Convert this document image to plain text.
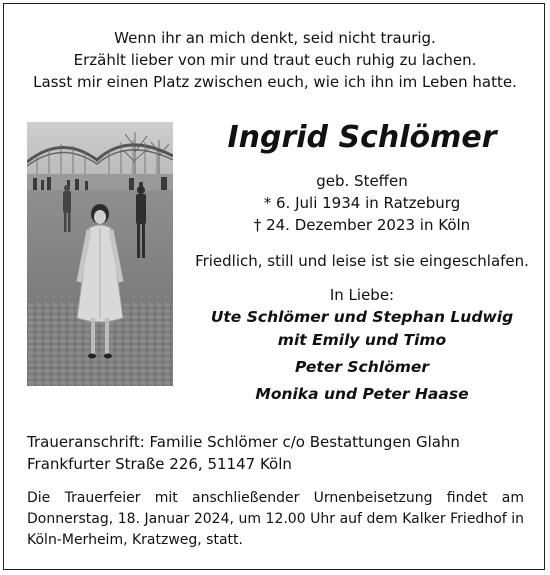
Wenn ihr an mich denkt, seid nicht traurig.
Erzählt lieber von mir und traut euch ruhig zu lachen.
Lasst mir einen Platz zwischen euch, wie ich ihn im Leben hatte.
Ingrid Schlömer
geb. Steffen
* 6. Juli 1934 in Ratzeburg
† 24. Dezember 2023 in Köln
Friedlich, still und leise ist sie eingeschlafen.
In Liebe:
Ute Schlömer und Stephan Ludwig
mit Emily und Timo
Peter Schlömer
Monika und Peter Haase
Traueranschrift: Familie Schlömer c/o Bestattungen Glahn
Frankfurter Straße 226, 51147 Köln
Die Trauerfeier mit anschließender Urnenbeisetzung findet am
Donnerstag, 18. Januar 2024, um 12.00 Uhr auf dem Kalker Friedhof in
Köln-Merheim, Kratzweg, statt.
